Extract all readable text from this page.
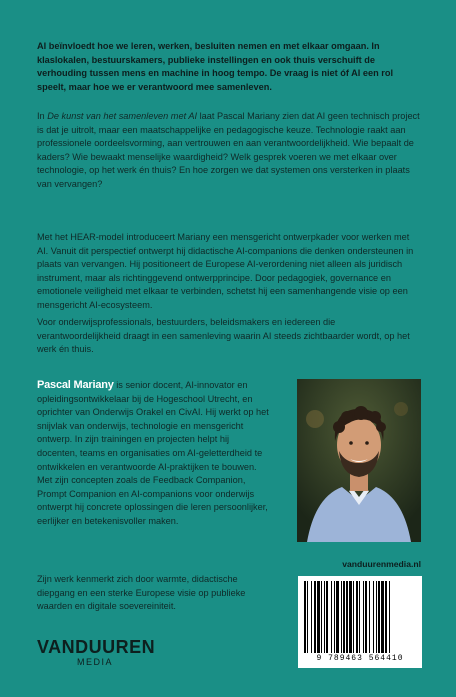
AI beïnvloedt hoe we leren, werken, besluiten nemen en met elkaar omgaan. In klaslokalen, bestuurskamers, publieke instellingen en ook thuis verschuift de verhouding tussen mens en machine in hoog tempo. De vraag is niet óf AI een rol speelt, maar hoe we er verantwoord mee samenleven.

In De kunst van het samenleven met AI laat Pascal Mariany zien dat AI geen technisch project is dat je uitrolt, maar een maatschappelijke en pedagogische keuze. Technologie raakt aan professionele oordeelsvorming, aan vertrouwen en aan verantwoordelijkheid. Wie bepaalt de kaders? Wie bewaakt menselijke waardigheid? Welk gesprek voeren we met elkaar over technologie, op het werk én thuis? En hoe zorgen we dat systemen ons versterken in plaats van vervangen?

Met het HEAR-model introduceert Mariany een mensgericht ontwerpkader voor werken met AI. Vanuit dit perspectief ontwerpt hij didactische AI-companions die denken ondersteunen in plaats van vervangen. Hij positioneert de Europese AI-verordening niet alleen als juridisch instrument, maar als richtinggevend ontwerpprincipe. Door pedagogiek, governance en emotionele veiligheid met elkaar te verbinden, schetst hij een samenhangende visie op een mensgericht AI-ecosysteem.

Voor onderwijsprofessionals, bestuurders, beleidsmakers en iedereen die verantwoordelijkheid draagt in een samenleving waarin AI steeds zichtbaarder wordt, op het werk én thuis.

Pascal Mariany is senior docent, AI-innovator en opleidingsontwikkelaar bij de Hogeschool Utrecht, en oprichter van Onderwijs Orakel en CivAI. Hij werkt op het snijvlak van onderwijs, technologie en mensgericht ontwerp. In zijn trainingen en projecten helpt hij docenten, teams en organisaties om AI-geletterdheid te ontwikkelen en verantwoorde AI-praktijken te bouwen. Met zijn concepten zoals de Feedback Companion, Prompt Companion en AI-companions voor onderwijs ontwerpt hij concrete oplossingen die leren persoonlijker, eerlijker en betekenisvoller maken.

Zijn werk kenmerkt zich door warmte, didactische diepgang en een sterke Europese visie op publieke waarden en digitale soevereiniteit.

vanduurenmedia.nl
9 789463 564410
VANDUUREN
MEDIA
